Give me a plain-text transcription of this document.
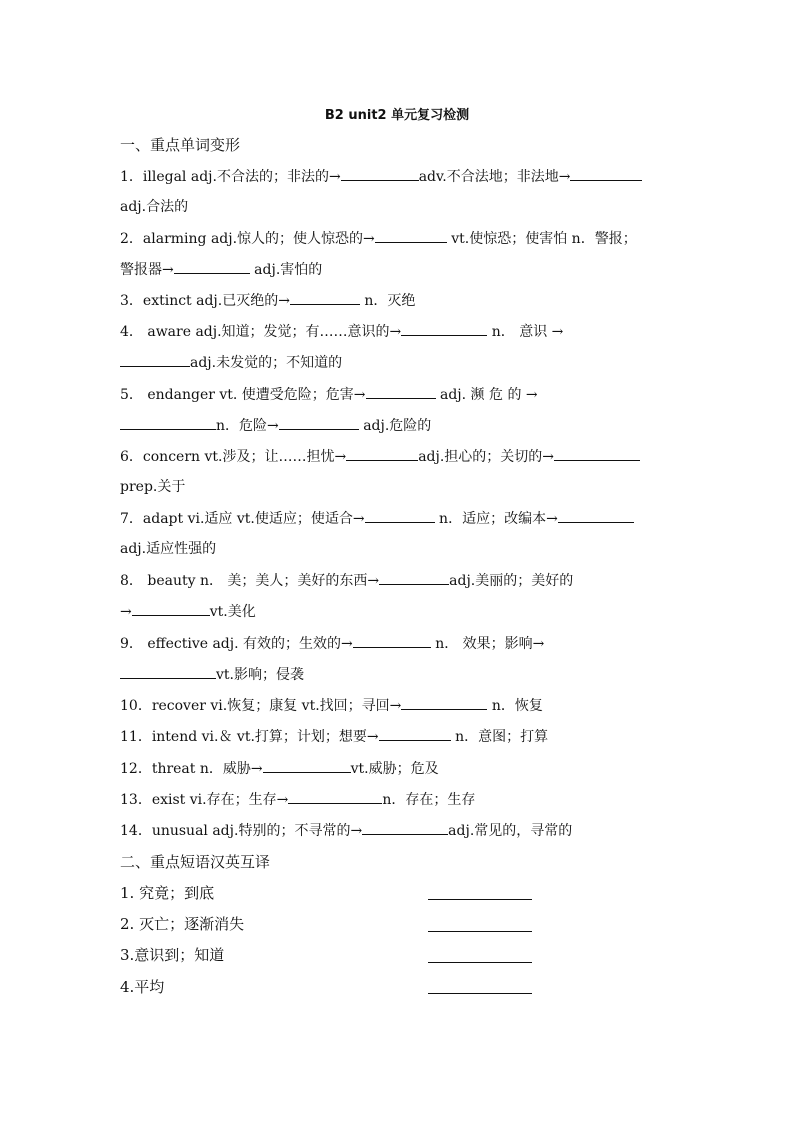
B2 unit2 单元复习检测
一、重点单词变形
1．illegal adj.不合法的；非法的→	adv.不合法地；非法地→
adj.合法的
2．alarming adj.惊人的；使人惊恐的→	vt.使惊恐；使害怕 n．警报；
警报器→	adj.害怕的
3．extinct adj.已灭绝的→	n．灭绝
4． aware adj.知道；发觉；有……意识的→	n． 意识 →
adj.未发觉的；不知道的
5． endanger vt. 使遭受危险；危害→	adj. 濒 危 的 →
n．危险→	adj.危险的
6．concern vt.涉及；让……担忧→	adj.担心的；关切的→
prep.关于
7．adapt vi.适应 vt.使适应；使适合→	n．适应；改编本→
adj.适应性强的
8． beauty n． 美；美人；美好的东西→	adj.美丽的；美好的
→	vt.美化
9． effective adj. 有效的；生效的→	n． 效果；影响→
vt.影响；侵袭
10．recover vi.恢复；康复 vt.找回；寻回→	n．恢复
11．intend vi.＆ vt.打算；计划；想要→	n．意图；打算
12．threat n．威胁→	vt.威胁；危及
13．exist vi.存在；生存→	n．存在；生存
14．unusual adj.特别的；不寻常的→	adj.常见的，寻常的
二、重点短语汉英互译
1. 究竟；到底
2. 灭亡；逐渐消失
3.意识到；知道
4.平均
